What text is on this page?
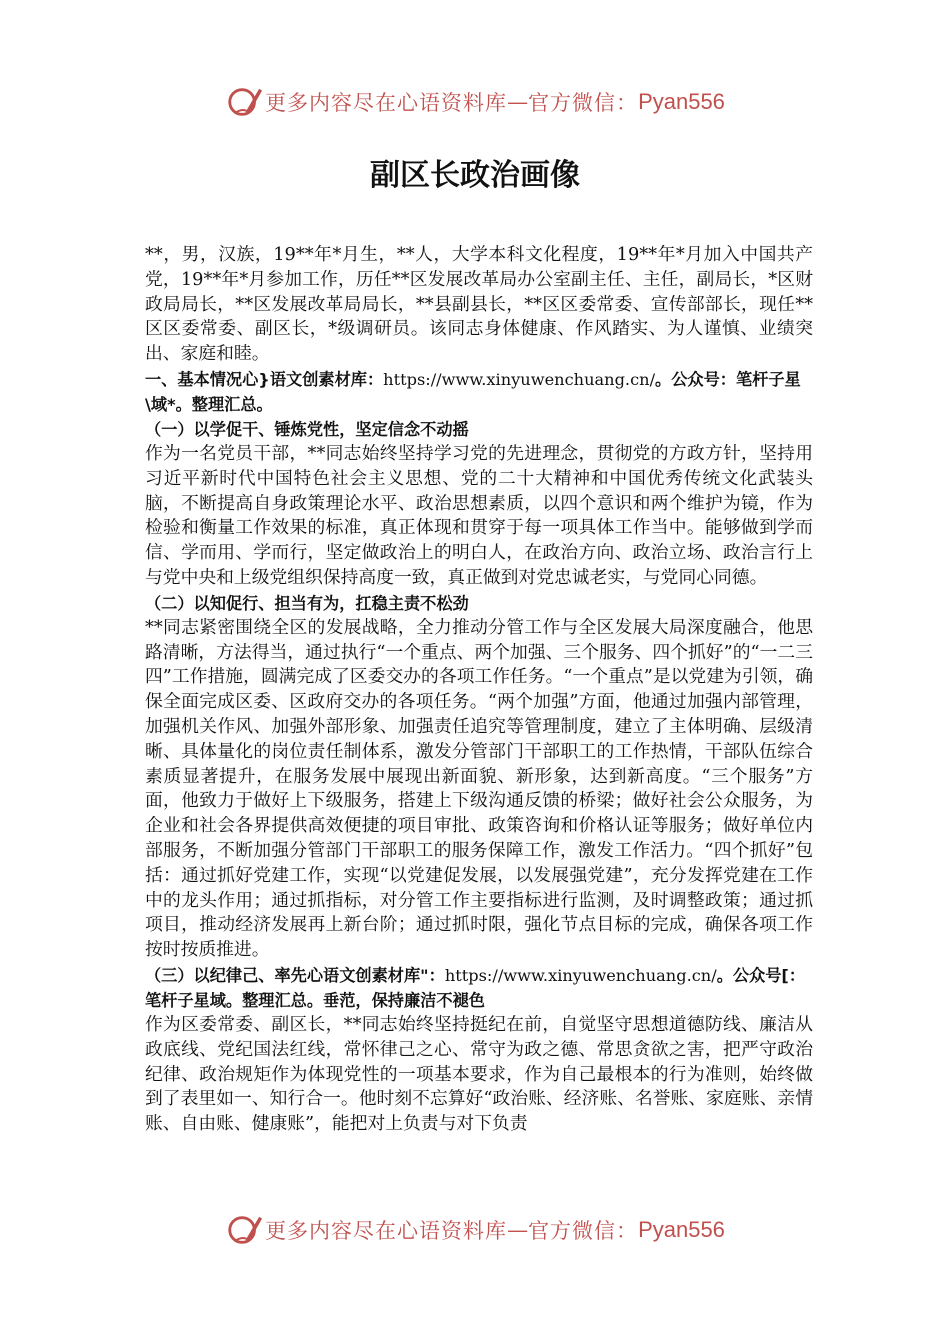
更多内容尽在心语资料库 — 官方微信： Pyan556
副区长政治画像

**，男，汉族，19**年*月生，**人，大学本科文化程度，19**年*月加入中国共产党，19**年*月参加工作，历任**区发展改革局办公室副主任、主任，副局长，*区财政局局长，**区发展改革局局长，**县副县长，**区区委常委、宣传部部长，现任**区区委常委、副区长，*级调研员。该同志身体健康、作风踏实、为人谨慎、业绩突出、家庭和睦。

一、基本情况心}语文创素材库：https://www.xinyuwenchuang.cn/。公众号：笔杆子星\域*。整理汇总。

（一）以学促干、锤炼党性，坚定信念不动摇

作为一名党员干部，**同志始终坚持学习党的先进理念，贯彻党的方政方针，坚持用习近平新时代中国特色社会主义思想、党的二十大精神和中国优秀传统文化武装头脑，不断提高自身政策理论水平、政治思想素质，以四个意识和两个维护为镜，作为检验和衡量工作效果的标准，真正体现和贯穿于每一项具体工作当中。能够做到学而信、学而用、学而行，坚定做政治上的明白人，在政治方向、政治立场、政治言行上与党中央和上级党组织保持高度一致，真正做到对党忠诚老实，与党同心同德。

（二）以知促行、担当有为，扛稳主责不松劲

**同志紧密围绕全区的发展战略，全力推动分管工作与全区发展大局深度融合，他思路清晰，方法得当，通过执行“一个重点、两个加强、三个服务、四个抓好”的“一二三四”工作措施，圆满完成了区委交办的各项工作任务。“一个重点”是以党建为引领，确保全面完成区委、区政府交办的各项任务。“两个加强”方面，他通过加强内部管理，加强机关作风、加强外部形象、加强责任追究等管理制度，建立了主体明确、层级清晰、具体量化的岗位责任制体系，激发分管部门干部职工的工作热情，干部队伍综合素质显著提升，在服务发展中展现出新面貌、新形象，达到新高度。“三个服务”方面，他致力于做好上下级服务，搭建上下级沟通反馈的桥梁；做好社会公众服务，为企业和社会各界提供高效便捷的项目审批、政策咨询和价格认证等服务；做好单位内部服务，不断加强分管部门干部职工的服务保障工作，激发工作活力。“四个抓好”包括：通过抓好党建工作，实现“以党建促发展，以发展强党建”，充分发挥党建在工作中的龙头作用；通过抓指标，对分管工作主要指标进行监测，及时调整政策；通过抓项目，推动经济发展再上新台阶；通过抓时限，强化节点目标的完成，确保各项工作按时按质推进。

（三）以纪律己、率先心语文创素材库"：https://www.xinyuwenchuang.cn/。公众号[：笔杆子星域。整理汇总。垂范，保持廉洁不褪色

作为区委常委、副区长，**同志始终坚持挺纪在前，自觉坚守思想道德防线、廉洁从政底线、党纪国法红线，常怀律己之心、常守为政之德、常思贪欲之害，把严守政治纪律、政治规矩作为体现党性的一项基本要求，作为自己最根本的行为准则，始终做到了表里如一、知行合一。他时刻不忘算好“政治账、经济账、名誉账、家庭账、亲情账、自由账、健康账”，能把对上负责与对下负责

更多内容尽在心语资料库 — 官方微信： Pyan556
